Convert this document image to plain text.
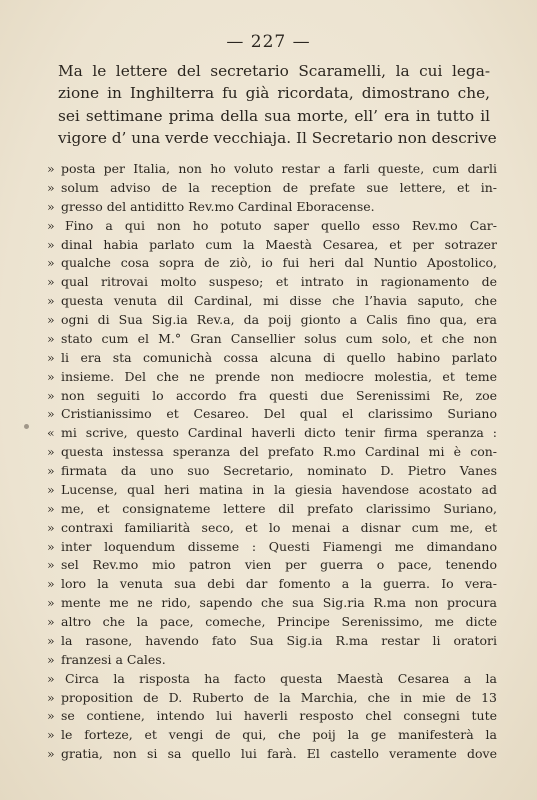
— 227 —
Ma le lettere del secretario Scaramelli, la cui lega-
zione in Inghilterra fu già ricordata, dimostrano che,
sei settimane prima della sua morte, ell’ era in tutto il
vigore d’ una verde vecchiaja. Il Secretario non descrive
» posta per Italia, non ho voluto restar a farli queste, cum darli
» solum adviso de la reception de prefate sue lettere, et in-
» gresso del antiditto Rev.mo Cardinal Eboracense.
» Fino a qui non ho potuto saper quello esso Rev.mo Car-
» dinal habia parlato cum la Maestà Cesarea, et per sotrazer
» qualche cosa sopra de ziò, io fui heri dal Nuntio Apostolico,
» qual ritrovai molto suspeso; et intrato in ragionamento de
» questa venuta dil Cardinal, mi disse che l’havia saputo, che
» ogni di Sua Sig.ia Rev.a, da poij gionto a Calis fino qua, era
» stato cum el M.° Gran Cansellier solus cum solo, et che non
» li era sta comunichà cossa alcuna di quello habino parlato
» insieme. Del che ne prende non mediocre molestia, et teme
» non seguiti lo accordo fra questi due Serenissimi Re, zoe
» Cristianissimo et Cesareo. Del qual el clarissimo Suriano
« mi scrive, questo Cardinal haverli dicto tenir firma speranza :
» questa instessa speranza del prefato R.mo Cardinal mi è con-
» firmata da uno suo Secretario, nominato D. Pietro Vanes
» Lucense, qual heri matina in la giesia havendose acostato ad
» me, et consignateme lettere dil prefato clarissimo Suriano,
» contraxi familiarità seco, et lo menai a disnar cum me, et
» inter loquendum disseme : Questi Fiamengi me dimandano
» sel Rev.mo mio patron vien per guerra o pace, tenendo
» loro la venuta sua debi dar fomento a la guerra. Io vera-
» mente me ne rido, sapendo che sua Sig.ria R.ma non procura
» altro che la pace, comeche, Principe Serenissimo, me dicte
» la rasone, havendo fato Sua Sig.ia R.ma restar li oratori
» franzesi a Cales.
» Circa la risposta ha facto questa Maestà Cesarea a la
» proposition de D. Ruberto de la Marchia, che in mie de 13
» se contiene, intendo lui haverli resposto chel consegni tute
» le forteze, et vengi de qui, che poij la ge manifesterà la
» gratia, non si sa quello lui farà. El castello veramente dove
